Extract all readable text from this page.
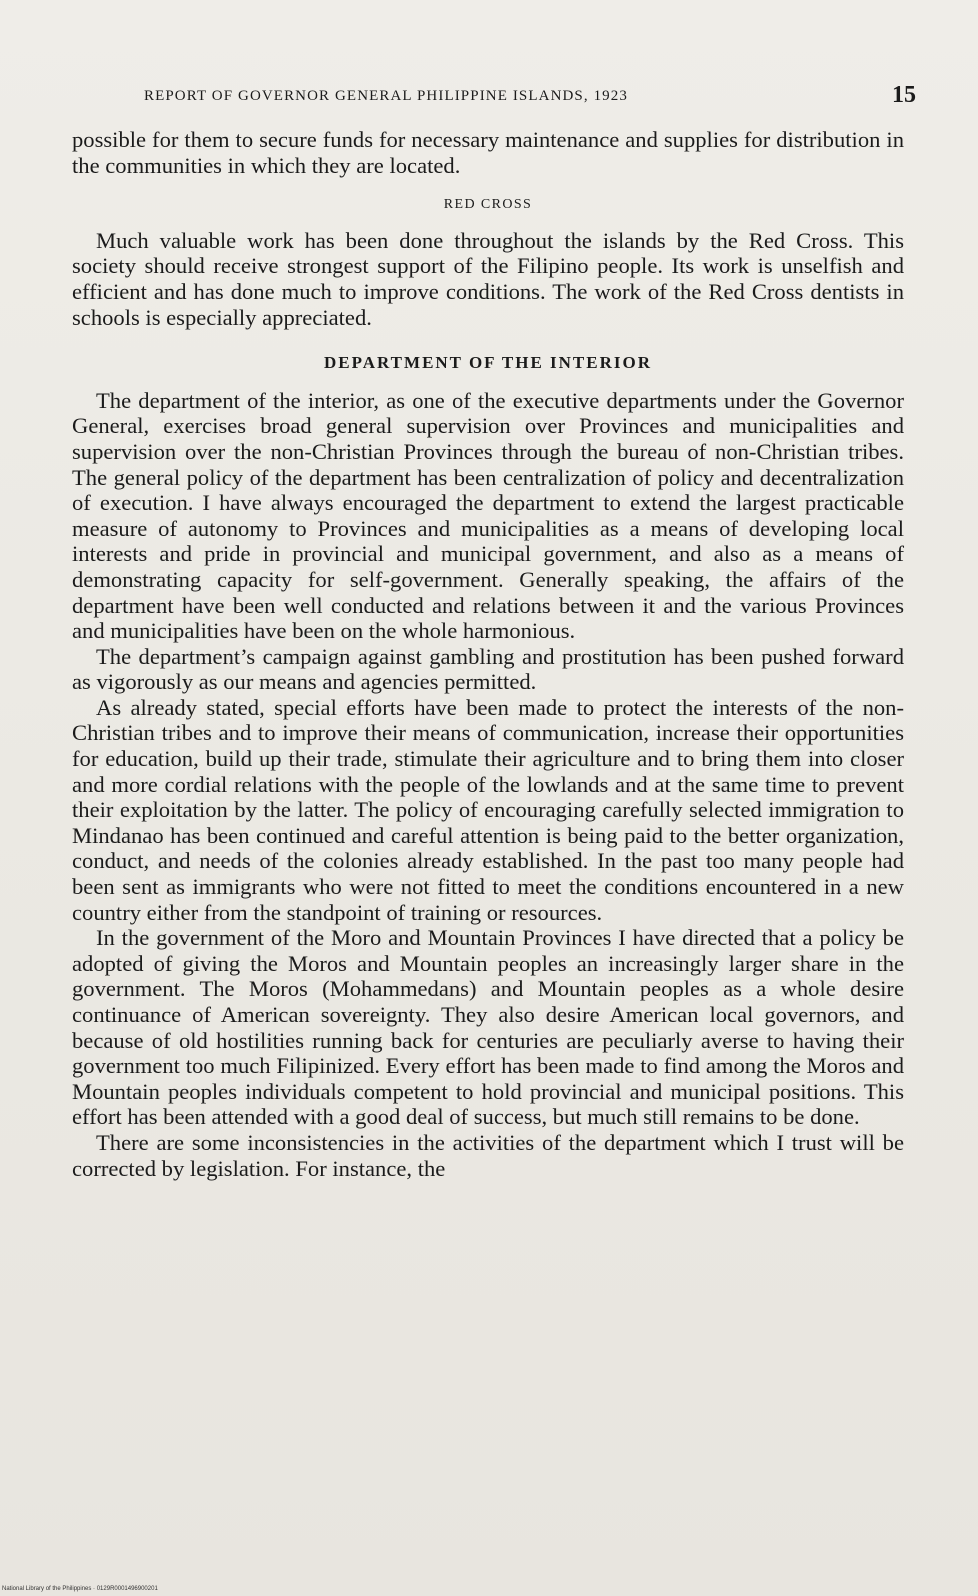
REPORT OF GOVERNOR GENERAL PHILIPPINE ISLANDS, 1923	15

possible for them to secure funds for necessary maintenance and supplies for distribution in the communities in which they are located.

RED CROSS

Much valuable work has been done throughout the islands by the Red Cross. This society should receive strongest support of the Filipino people. Its work is unselfish and efficient and has done much to improve conditions. The work of the Red Cross dentists in schools is especially appreciated.

DEPARTMENT OF THE INTERIOR

The department of the interior, as one of the executive departments under the Governor General, exercises broad general supervision over Provinces and municipalities and supervision over the non-Christian Provinces through the bureau of non-Christian tribes. The general policy of the department has been centralization of policy and decentralization of execution. I have always encouraged the department to extend the largest practicable measure of autonomy to Provinces and municipalities as a means of developing local interests and pride in provincial and municipal government, and also as a means of demonstrating capacity for self-government. Generally speaking, the affairs of the department have been well conducted and relations between it and the various Provinces and municipalities have been on the whole harmonious.

The department’s campaign against gambling and prostitution has been pushed forward as vigorously as our means and agencies permitted.

As already stated, special efforts have been made to protect the interests of the non-Christian tribes and to improve their means of communication, increase their opportunities for education, build up their trade, stimulate their agriculture and to bring them into closer and more cordial relations with the people of the lowlands and at the same time to prevent their exploitation by the latter. The policy of encouraging carefully selected immigration to Mindanao has been continued and careful attention is being paid to the better organization, conduct, and needs of the colonies already established. In the past too many people had been sent as immigrants who were not fitted to meet the conditions encountered in a new country either from the standpoint of training or resources.

In the government of the Moro and Mountain Provinces I have directed that a policy be adopted of giving the Moros and Mountain peoples an increasingly larger share in the government. The Moros (Mohammedans) and Mountain peoples as a whole desire continuance of American sovereignty. They also desire American local governors, and because of old hostilities running back for centuries are peculiarly averse to having their government too much Filipinized. Every effort has been made to find among the Moros and Mountain peoples individuals competent to hold provincial and municipal positions. This effort has been attended with a good deal of success, but much still remains to be done.

There are some inconsistencies in the activities of the department which I trust will be corrected by legislation. For instance, the

National Library of the Philippines · 0129R0001496900201
